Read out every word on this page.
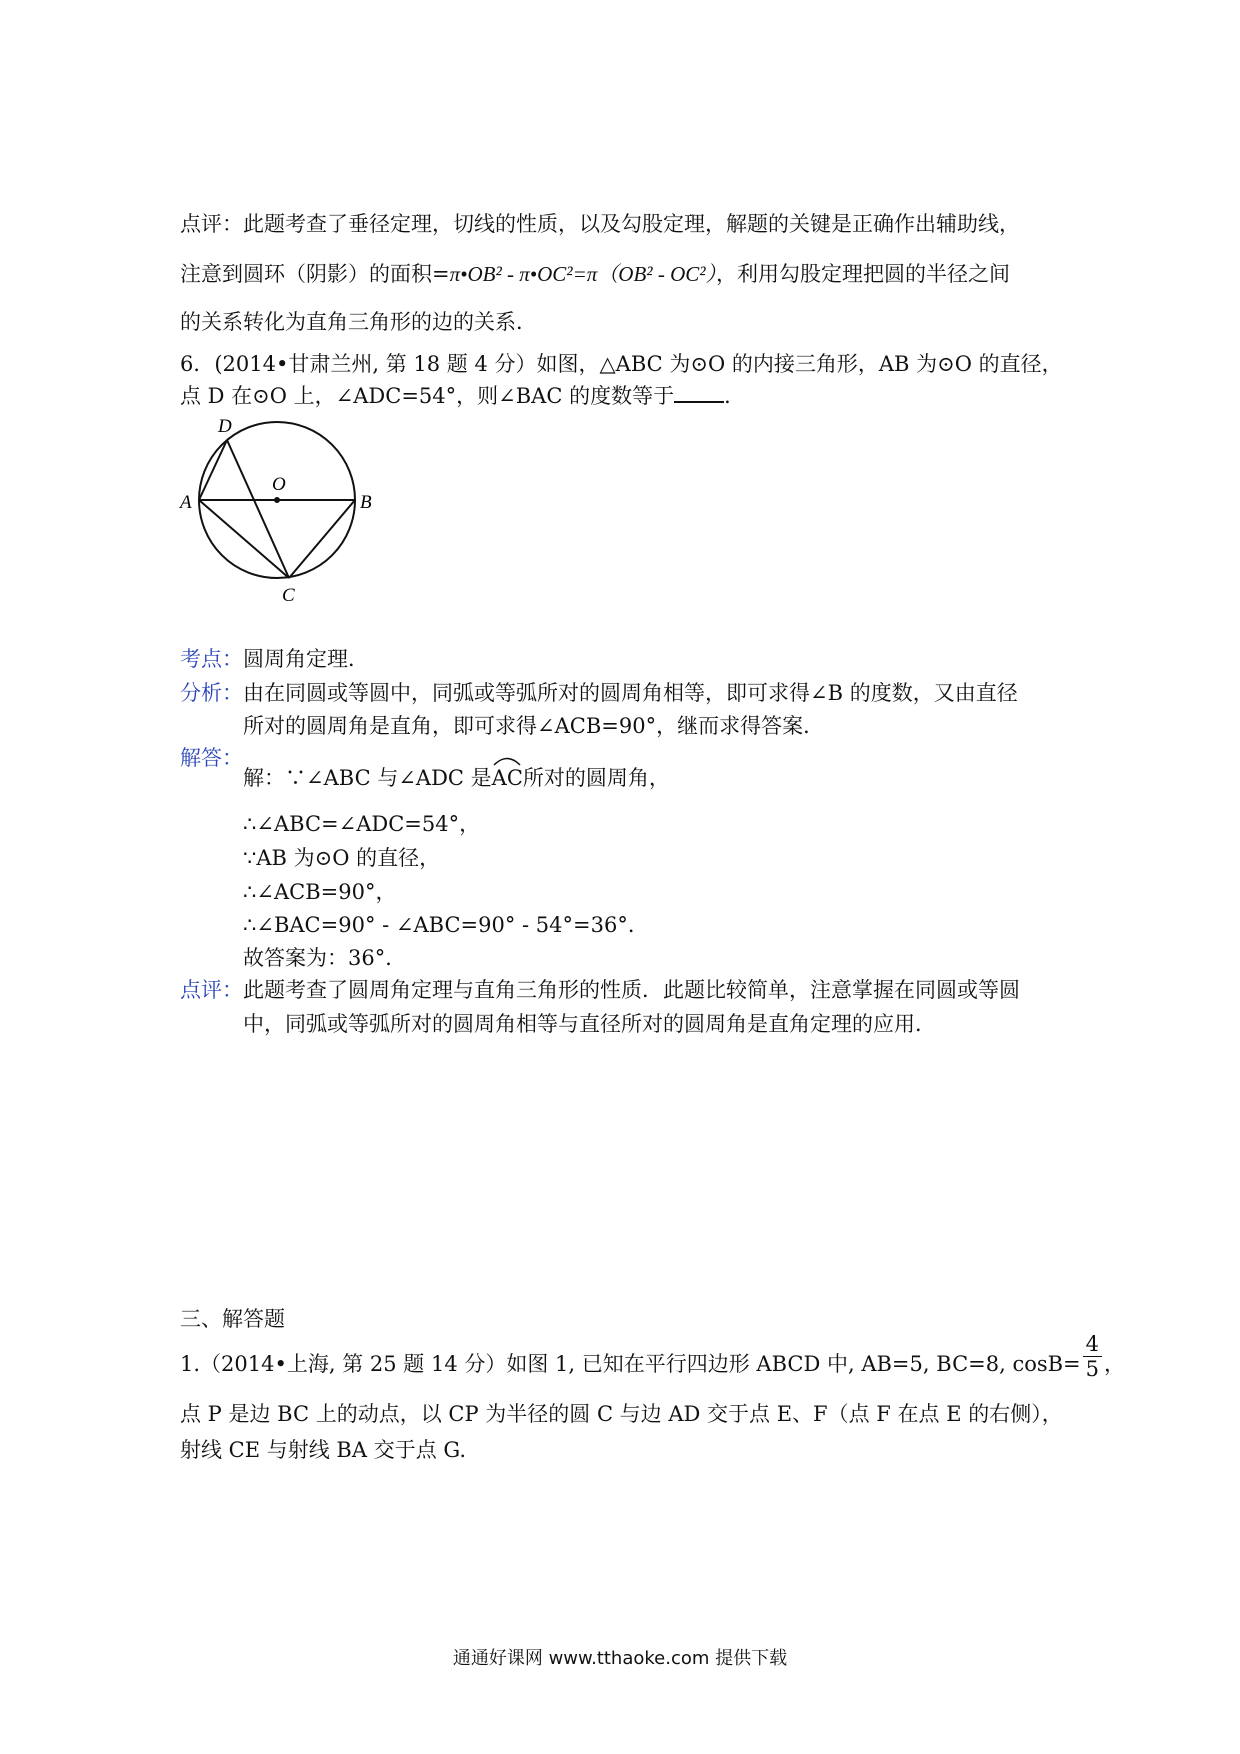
点评：此题考查了垂径定理，切线的性质，以及勾股定理，解题的关键是正确作出辅助线，
注意到圆环（阴影）的面积=π•OB² - π•OC²=π（OB² - OC²），利用勾股定理把圆的半径之间
的关系转化为直角三角形的边的关系．
6．(2014•甘肃兰州, 第 18 题 4 分）如图，△ABC 为⊙O 的内接三角形，AB 为⊙O 的直径，
点 D 在⊙O 上，∠ADC=54°，则∠BAC 的度数等于 ．
D
A
O
B
C
考点：圆周角定理．
分析：由在同圆或等圆中，同弧或等弧所对的圆周角相等，即可求得∠B 的度数，又由直径
所对的圆周角是直角，即可求得∠ACB=90°，继而求得答案．
解答：
解：∵∠ABC 与∠ADC 是
AC所对的圆周角，
∴∠ABC=∠ADC=54°，
∵AB 为⊙O 的直径，
∴∠ACB=90°，
∴∠BAC=90° - ∠ABC=90° - 54°=36°．
故答案为：36°．
点评：此题考查了圆周角定理与直角三角形的性质．此题比较简单，注意掌握在同圆或等圆
中，同弧或等弧所对的圆周角相等与直径所对的圆周角是直角定理的应用．
三、解答题
1.（2014•上海, 第 25 题 14 分）如图 1, 已知在平行四边形 ABCD 中, AB=5, BC=8, $\cos B= \frac{4}{5}$ ，
点 P 是边 BC 上的动点，以 CP 为半径的圆 C 与边 AD 交于点 E、F（点 F 在点 E 的右侧），
射线 CE 与射线 BA 交于点 G.
通通好课网 www.tthaoke.com 提供下载
